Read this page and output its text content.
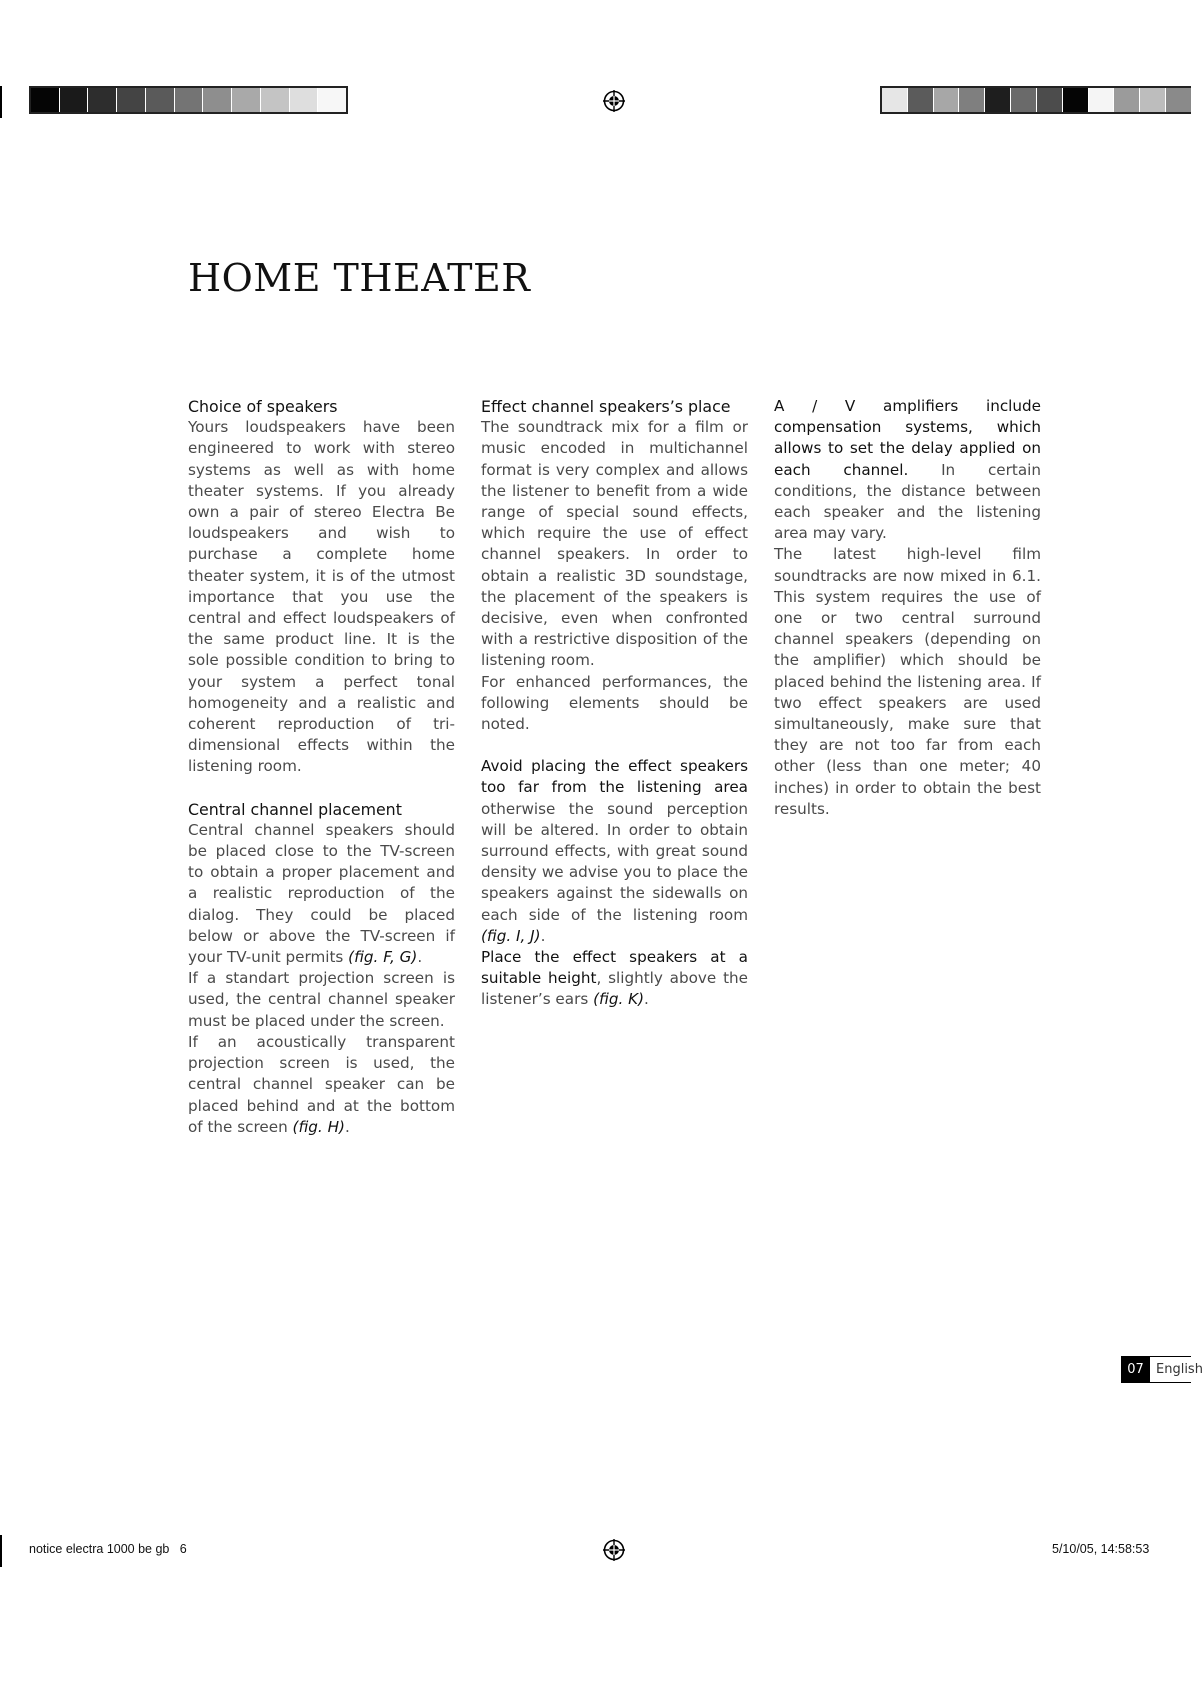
HOME THEATER
Choice of speakers

Yours loudspeakers have been engineered to work with stereo systems as well as with home theater systems. If you already own a pair of stereo Electra Be loudspeakers and wish to purchase a complete home theater system, it is of the utmost importance that you use the central and effect loudspeakers of the same product line. It is the sole possible condition to bring to your system a perfect tonal homogeneity and a realistic and coherent reproduction of tri-dimensional effects within the listening room.

Central channel placement

Central channel speakers should be placed close to the TV-screen to obtain a proper placement and a realistic reproduction of the dialog. They could be placed below or above the TV-screen if your TV-unit permits (fig. F, G).

If a standart projection screen is used, the central channel speaker must be placed under the screen.

If an acoustically transparent projection screen is used, the central channel speaker can be placed behind and at the bottom of the screen (fig. H).

Effect channel speakers’s place

The soundtrack mix for a film or music encoded in multichannel format is very complex and allows the listener to benefit from a wide range of special sound effects, which require the use of effect channel speakers. In order to obtain a realistic 3D soundstage, the placement of the speakers is decisive, even when confronted with a restrictive disposition of the listening room.

For enhanced performances, the following elements should be noted.

Avoid placing the effect speakers too far from the listening area otherwise the sound perception will be altered. In order to obtain surround effects, with great sound density we advise you to place the speakers against the sidewalls on each side of the listening room (fig. I, J).

Place the effect speakers at a suitable height, slightly above the listener’s ears (fig. K).

A / V amplifiers include compensation systems, which allows to set the delay applied on each channel. In certain conditions, the distance between each speaker and the listening area may vary.

The latest high-level film soundtracks are now mixed in 6.1. This system requires the use of one or two central surround channel speakers (depending on the amplifier) which should be placed behind the listening area. If two effect speakers are used simultaneously, make sure that they are not too far from each other (less than one meter; 40 inches) in order to obtain the best results.

07 English
notice electra 1000 be gb   6	5/10/05, 14:58:53
